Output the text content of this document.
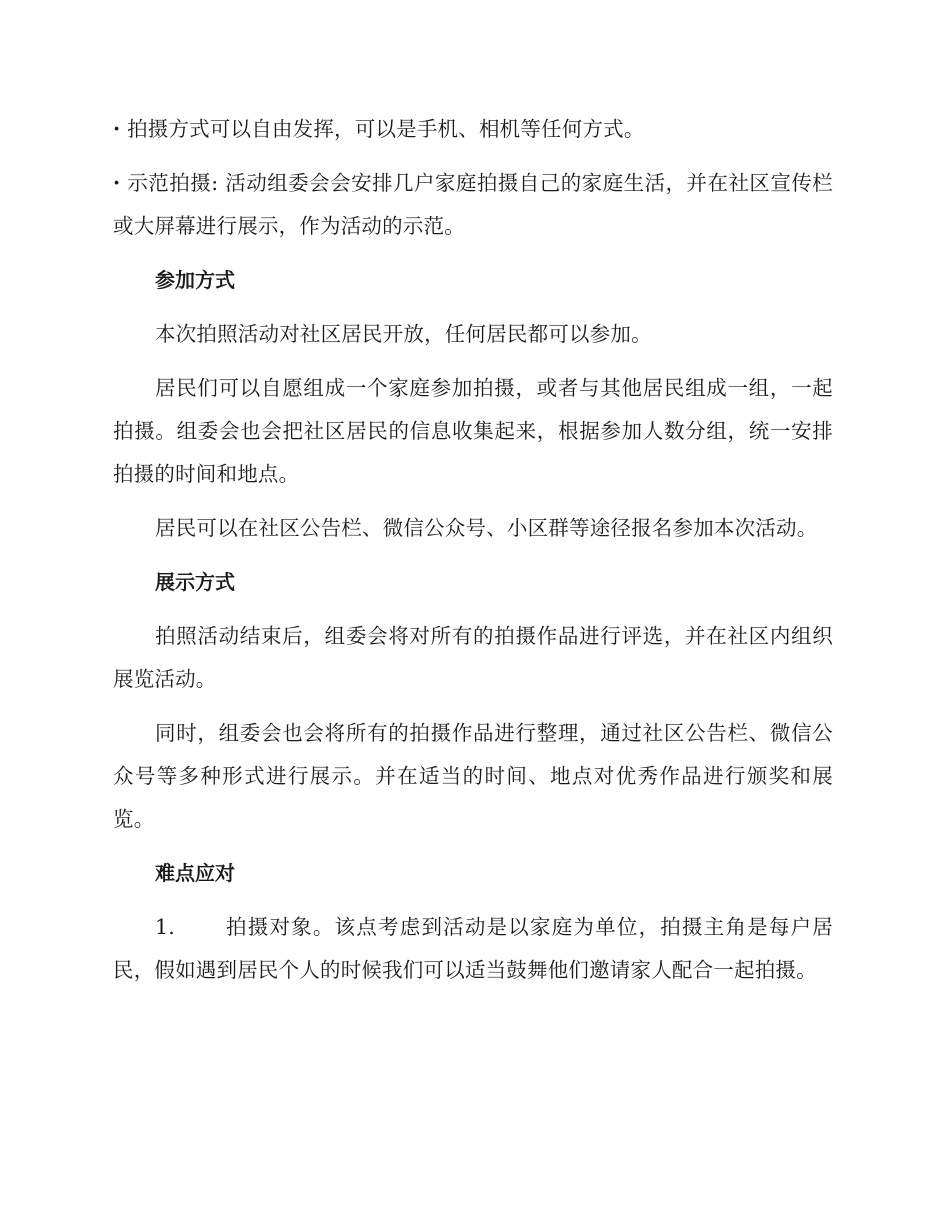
· 拍摄方式可以自由发挥，可以是手机、相机等任何方式。

· 示范拍摄: 活动组委会会安排几户家庭拍摄自己的家庭生活，并在社区宣传栏或大屏幕进行展示，作为活动的示范。

参加方式

本次拍照活动对社区居民开放，任何居民都可以参加。

居民们可以自愿组成一个家庭参加拍摄，或者与其他居民组成一组，一起拍摄。组委会也会把社区居民的信息收集起来，根据参加人数分组，统一安排拍摄的时间和地点。

居民可以在社区公告栏、微信公众号、小区群等途径报名参加本次活动。

展示方式

拍照活动结束后，组委会将对所有的拍摄作品进行评选，并在社区内组织展览活动。

同时，组委会也会将所有的拍摄作品进行整理，通过社区公告栏、微信公众号等多种形式进行展示。并在适当的时间、地点对优秀作品进行颁奖和展览。

难点应对

1. 拍摄对象。该点考虑到活动是以家庭为单位，拍摄主角是每户居民，假如遇到居民个人的时候我们可以适当鼓舞他们邀请家人配合一起拍摄。
